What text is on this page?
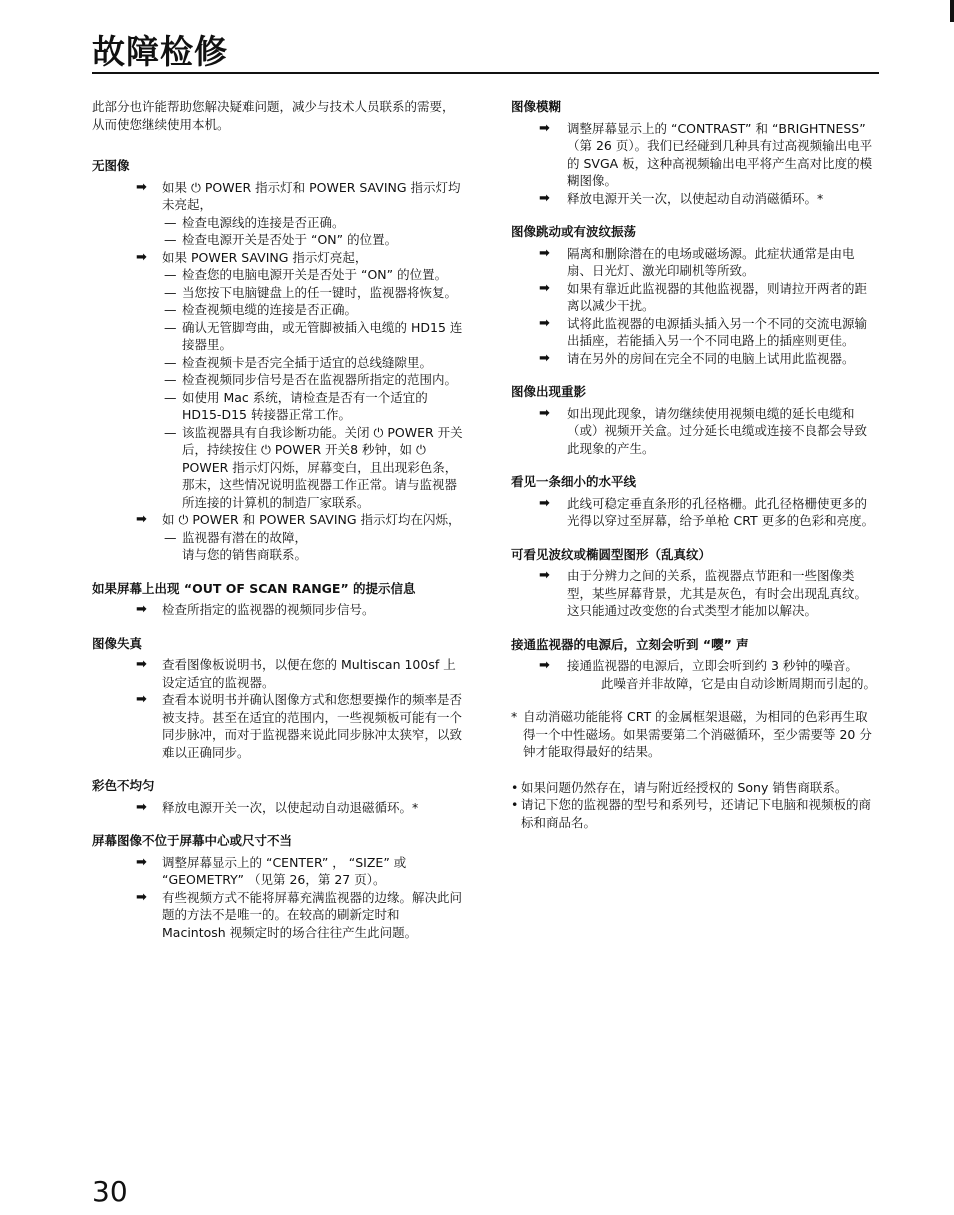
故障检修

此部分也许能帮助您解决疑难问题，减少与技术人员联系的需要，从而使您继续使用本机。

无图像
➡ 如果 ⏻ POWER 指示灯和 POWER SAVING 指示灯均未亮起，
— 检查电源线的连接是否正确。
— 检查电源开关是否处于 “ON” 的位置。
➡ 如果 POWER SAVING 指示灯亮起，
— 检查您的电脑电源开关是否处于 “ON” 的位置。
— 当您按下电脑键盘上的任一键时，监视器将恢复。
— 检查视频电缆的连接是否正确。
— 确认无管脚弯曲，或无管脚被插入电缆的 HD15 连接器里。
— 检查视频卡是否完全插于适宜的总线缝隙里。
— 检查视频同步信号是否在监视器所指定的范围内。
— 如使用 Mac 系统，请检查是否有一个适宜的 HD15-D15 转接器正常工作。
— 该监视器具有自我诊断功能。关闭 ⏻ POWER 开关后，持续按住 ⏻ POWER 开关8 秒钟，如 ⏻ POWER 指示灯闪烁，屏幕变白，且出现彩色条，那末，这些情况说明监视器工作正常。请与监视器所连接的计算机的制造厂家联系。
➡ 如 ⏻ POWER 和 POWER SAVING 指示灯均在闪烁，
— 监视器有潜在的故障，
请与您的销售商联系。
如果屏幕上出现 “OUT OF SCAN RANGE” 的提示信息
➡ 检查所指定的监视器的视频同步信号。
图像失真
➡ 查看图像板说明书，以便在您的 Multiscan 100sf 上设定适宜的监视器。
➡ 查看本说明书并确认图像方式和您想要操作的频率是否被支持。甚至在适宜的范围内，一些视频板可能有一个同步脉冲，而对于监视器来说此同步脉冲太狭窄，以致难以正确同步。
彩色不均匀
➡ 释放电源开关一次，以使起动自动退磁循环。*
屏幕图像不位于屏幕中心或尺寸不当
➡ 调整屏幕显示上的 “CENTER” ， “SIZE” 或 “GEOMETRY” （见第 26，第 27 页）。
➡ 有些视频方式不能将屏幕充满监视器的边缘。解决此问题的方法不是唯一的。在较高的刷新定时和 Macintosh 视频定时的场合往往产生此问题。
图像模糊
➡ 调整屏幕显示上的 “CONTRAST” 和 “BRIGHTNESS” （第 26 页）。我们已经碰到几种具有过高视频输出电平的 SVGA 板，这种高视频输出电平将产生高对比度的模糊图像。
➡ 释放电源开关一次，以使起动自动消磁循环。*
图像跳动或有波纹振荡
➡ 隔离和删除潜在的电场或磁场源。此症状通常是由电扇、日光灯、激光印刷机等所致。
➡ 如果有靠近此监视器的其他监视器，则请拉开两者的距离以减少干扰。
➡ 试将此监视器的电源插头插入另一个不同的交流电源输出插座，若能插入另一个不同电路上的插座则更佳。
➡ 请在另外的房间在完全不同的电脑上试用此监视器。
图像出现重影
➡ 如出现此现象，请勿继续使用视频电缆的延长电缆和（或）视频开关盒。过分延长电缆或连接不良都会导致此现象的产生。
看见一条细小的水平线
➡ 此线可稳定垂直条形的孔径格栅。此孔径格栅使更多的光得以穿过至屏幕，给予单枪 CRT 更多的色彩和亮度。
可看见波纹或椭圆型图形（乱真纹）
➡ 由于分辨力之间的关系，监视器点节距和一些图像类型，某些屏幕背景，尤其是灰色，有时会出现乱真纹。这只能通过改变您的台式类型才能加以解决。
接通监视器的电源后，立刻会听到 “嘤” 声
➡ 接通监视器的电源后，立即会听到约 3 秒钟的噪音。
此噪音并非故障，它是由自动诊断周期而引起的。
* 自动消磁功能能将 CRT 的金属框架退磁，为相同的色彩再生取得一个中性磁场。如果需要第二个消磁循环，至少需要等 20 分钟才能取得最好的结果。
• 如果问题仍然存在，请与附近经授权的 Sony 销售商联系。
• 请记下您的监视器的型号和系列号，还请记下电脑和视频板的商标和商品名。
30
